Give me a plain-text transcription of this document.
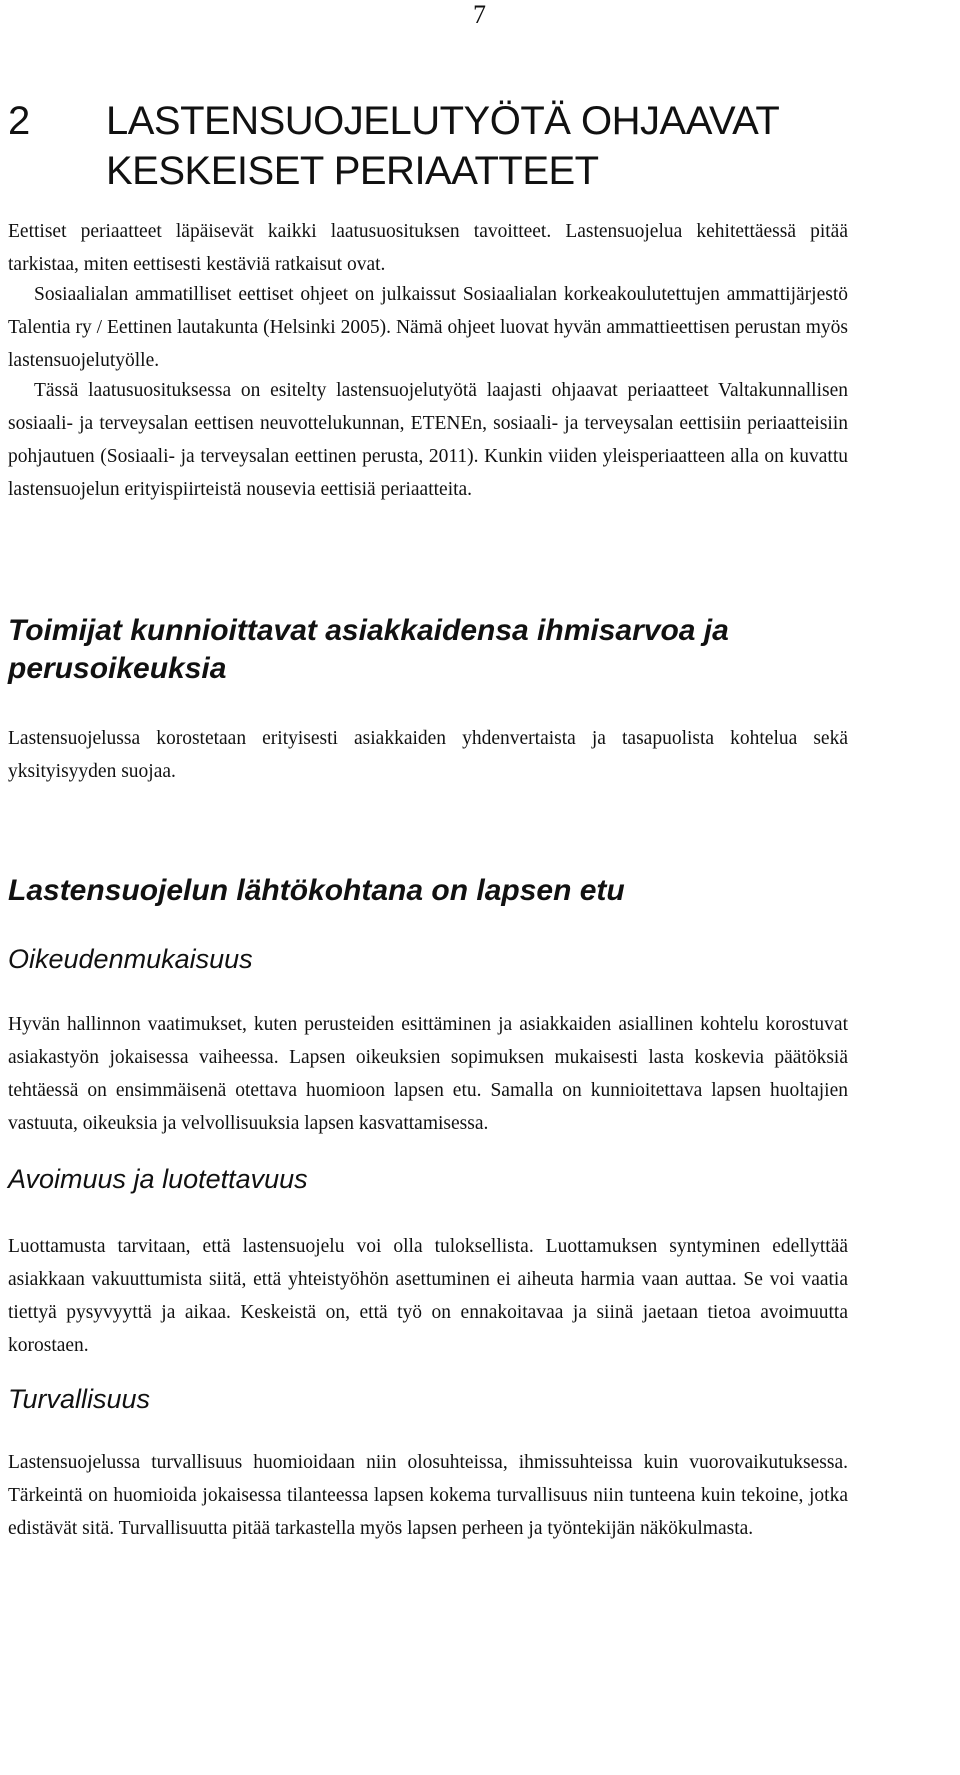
7
2	LASTENSUOJELUTYÖTÄ OHJAAVAT KESKEISET PERIAATTEET

Eettiset periaatteet läpäisevät kaikki laatusuosituksen tavoitteet. Lastensuojelua kehitettäessä pitää tarkistaa, miten eettisesti kestäviä ratkaisut ovat.

Sosiaalialan ammatilliset eettiset ohjeet on julkaissut Sosiaalialan korkeakoulutettujen ammattijärjestö Talentia ry / Eettinen lautakunta (Helsinki 2005). Nämä ohjeet luovat hyvän ammattieettisen perustan myös lastensuojelutyölle.

Tässä laatusuosituksessa on esitelty lastensuojelutyötä laajasti ohjaavat periaatteet Valtakunnallisen sosiaali- ja terveysalan eettisen neuvottelukunnan, ETENEn, sosiaali- ja terveysalan eettisiin periaatteisiin pohjautuen (Sosiaali- ja terveysalan eettinen perusta, 2011). Kunkin viiden yleisperiaatteen alla on kuvattu lastensuojelun erityispiirteistä nousevia eettisiä periaatteita.

Toimijat kunnioittavat asiakkaidensa ihmisarvoa ja perusoikeuksia

Lastensuojelussa korostetaan erityisesti asiakkaiden yhdenvertaista ja tasapuolista kohtelua sekä yksityisyyden suojaa.

Lastensuojelun lähtökohtana on lapsen etu
Oikeudenmukaisuus

Hyvän hallinnon vaatimukset, kuten perusteiden esittäminen ja asiakkaiden asiallinen kohtelu korostuvat asiakastyön jokaisessa vaiheessa. Lapsen oikeuksien sopimuksen mukaisesti lasta koskevia päätöksiä tehtäessä on ensimmäisenä otettava huomioon lapsen etu. Samalla on kunnioitettava lapsen huoltajien vastuuta, oikeuksia ja velvollisuuksia lapsen kasvattamisessa.

Avoimuus ja luotettavuus

Luottamusta tarvitaan, että lastensuojelu voi olla tuloksellista. Luottamuksen syntyminen edellyttää asiakkaan vakuuttumista siitä, että yhteistyöhön asettuminen ei aiheuta harmia vaan auttaa. Se voi vaatia tiettyä pysyvyyttä ja aikaa. Keskeistä on, että työ on ennakoitavaa ja siinä jaetaan tietoa avoimuutta korostaen.

Turvallisuus

Lastensuojelussa turvallisuus huomioidaan niin olosuhteissa, ihmissuhteissa kuin vuorovaikutuksessa. Tärkeintä on huomioida jokaisessa tilanteessa lapsen kokema turvallisuus niin tunteena kuin tekoine, jotka edistävät sitä. Turvallisuutta pitää tarkastella myös lapsen perheen ja työntekijän näkökulmasta.
